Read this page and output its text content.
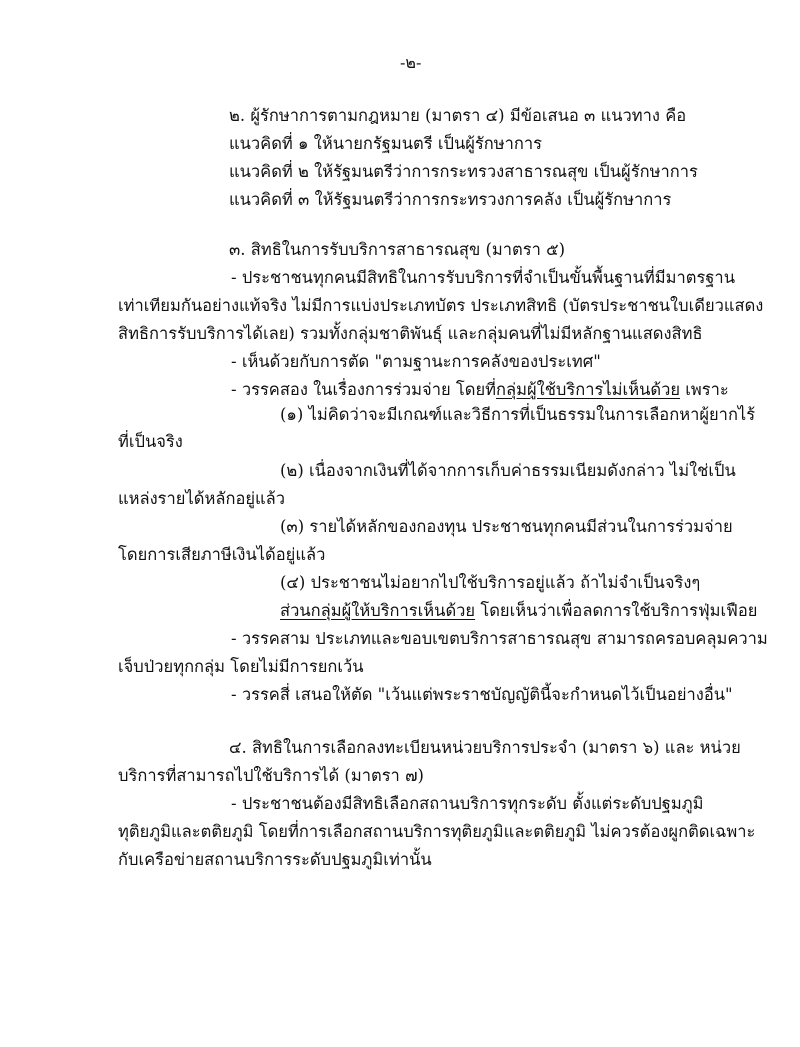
-๒-
๒. ผู้รักษาการตามกฎหมาย (มาตรา ๔) มีข้อเสนอ ๓ แนวทาง คือ
แนวคิดที่ ๑ ให้นายกรัฐมนตรี เป็นผู้รักษาการ
แนวคิดที่ ๒ ให้รัฐมนตรีว่าการกระทรวงสาธารณสุข เป็นผู้รักษาการ
แนวคิดที่ ๓ ให้รัฐมนตรีว่าการกระทรวงการคลัง เป็นผู้รักษาการ
๓. สิทธิในการรับบริการสาธารณสุข (มาตรา ๕)
- ประชาชนทุกคนมีสิทธิในการรับบริการที่จำเป็นขั้นพื้นฐานที่มีมาตรฐาน
เท่าเทียมกันอย่างแท้จริง ไม่มีการแบ่งประเภทบัตร ประเภทสิทธิ (บัตรประชาชนใบเดียวแสดง
สิทธิการรับบริการได้เลย) รวมทั้งกลุ่มชาติพันธุ์ และกลุ่มคนที่ไม่มีหลักฐานแสดงสิทธิ
- เห็นด้วยกับการตัด "ตามฐานะการคลังของประเทศ"
- วรรคสอง ในเรื่องการร่วมจ่าย โดยที่กลุ่มผู้ใช้บริการไม่เห็นด้วย เพราะ
(๑) ไม่คิดว่าจะมีเกณฑ์และวิธีการที่เป็นธรรมในการเลือกหาผู้ยากไร้
ที่เป็นจริง
(๒) เนื่องจากเงินที่ได้จากการเก็บค่าธรรมเนียมดังกล่าว ไม่ใช่เป็น
แหล่งรายได้หลักอยู่แล้ว
(๓) รายได้หลักของกองทุน ประชาชนทุกคนมีส่วนในการร่วมจ่าย
โดยการเสียภาษีเงินได้อยู่แล้ว
(๔) ประชาชนไม่อยากไปใช้บริการอยู่แล้ว ถ้าไม่จำเป็นจริงๆ
ส่วนกลุ่มผู้ให้บริการเห็นด้วย โดยเห็นว่าเพื่อลดการใช้บริการฟุ่มเฟือย
- วรรคสาม ประเภทและขอบเขตบริการสาธารณสุข สามารถครอบคลุมความ
เจ็บป่วยทุกกลุ่ม โดยไม่มีการยกเว้น
- วรรคสี่ เสนอให้ตัด "เว้นแต่พระราชบัญญัตินี้จะกำหนดไว้เป็นอย่างอื่น"
๔. สิทธิในการเลือกลงทะเบียนหน่วยบริการประจำ (มาตรา ๖) และ หน่วย
บริการที่สามารถไปใช้บริการได้ (มาตรา ๗)
- ประชาชนต้องมีสิทธิเลือกสถานบริการทุกระดับ ตั้งแต่ระดับปฐมภูมิ
ทุติยภูมิและตติยภูมิ โดยที่การเลือกสถานบริการทุติยภูมิและตติยภูมิ ไม่ควรต้องผูกติดเฉพาะ
กับเครือข่ายสถานบริการระดับปฐมภูมิเท่านั้น
